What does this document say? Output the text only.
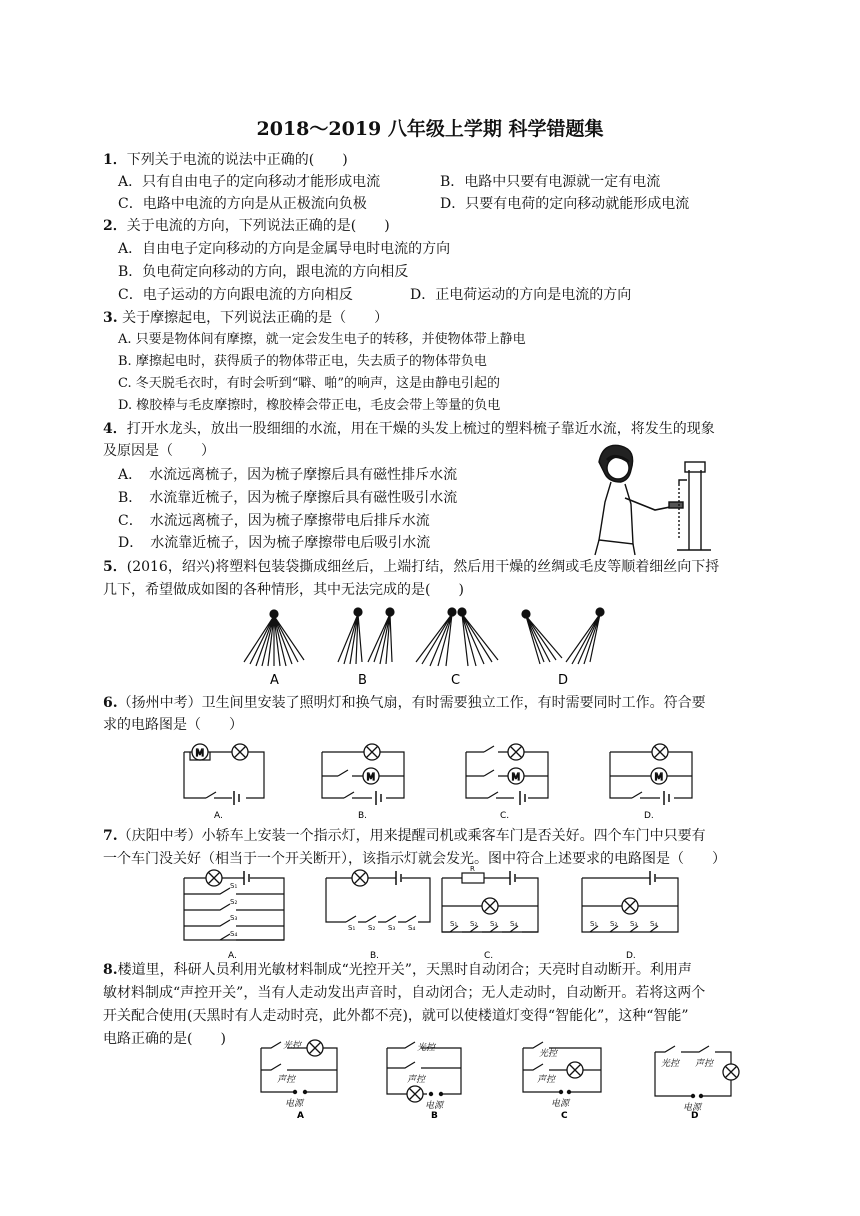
2018～2019 八年级上学期 科学错题集
1．下列关于电流的说法中正确的(　　)
A．只有自由电子的定向移动才能形成电流	B．电路中只要有电源就一定有电流
C．电路中电流的方向是从正极流向负极	D．只要有电荷的定向移动就能形成电流
2．关于电流的方向，下列说法正确的是(　　)
A．自由电子定向移动的方向是金属导电时电流的方向
B．负电荷定向移动的方向，跟电流的方向相反
C．电子运动的方向跟电流的方向相反	D．正电荷运动的方向是电流的方向
3. 关于摩擦起电，下列说法正确的是（　　）
A. 只要是物体间有摩擦，就一定会发生电子的转移，并使物体带上静电
B. 摩擦起电时，获得质子的物体带正电，失去质子的物体带负电
C. 冬天脱毛衣时，有时会听到“噼、啪”的响声，这是由静电引起的
D. 橡胶棒与毛皮摩擦时，橡胶棒会带正电，毛皮会带上等量的负电
4．打开水龙头，放出一股细细的水流，用在干燥的头发上梳过的塑料梳子靠近水流，将发生的现象
及原因是（　　）
A．　水流远离梳子，因为梳子摩擦后具有磁性排斥水流
B．　水流靠近梳子，因为梳子摩擦后具有磁性吸引水流
C．　水流远离梳子，因为梳子摩擦带电后排斥水流
D．　水流靠近梳子，因为梳子摩擦带电后吸引水流
5．(2016，绍兴)将塑料包装袋撕成细丝后，上端打结，然后用干燥的丝绸或毛皮等顺着细丝向下捋
几下，希望做成如图的各种情形，其中无法完成的是(　　)
A	B	C	D
6.（扬州中考）卫生间里安装了照明灯和换气扇，有时需要独立工作，有时需要同时工作。符合要
求的电路图是（　　）
M
A.	B.	C.	D.
7.（庆阳中考）小轿车上安装一个指示灯，用来提醒司机或乘客车门是否关好。四个车门中只要有
一个车门没关好（相当于一个开关断开），该指示灯就会发光。图中符合上述要求的电路图是（　　）
S₁
S₂
S₃
S₄
S₁ S₂ S₃ S₄
R
S₁ S₂ S₃ S₄	S₁ S₂ S₃ S₄
A.	B.	C.	D.
8.楼道里，科研人员利用光敏材料制成“光控开关”，天黑时自动闭合；天亮时自动断开。利用声
敏材料制成“声控开关”，当有人走动发出声音时，自动闭合；无人走动时，自动断开。若将这两个
开关配合使用(天黑时有人走动时亮，此外都不亮)，就可以使楼道灯变得“智能化”，这种“智能”
电路正确的是(　　)	光控
声控
电源
光控
声控
电源
光控
声控
电源
光控 声控
电源
A	B	C	D
